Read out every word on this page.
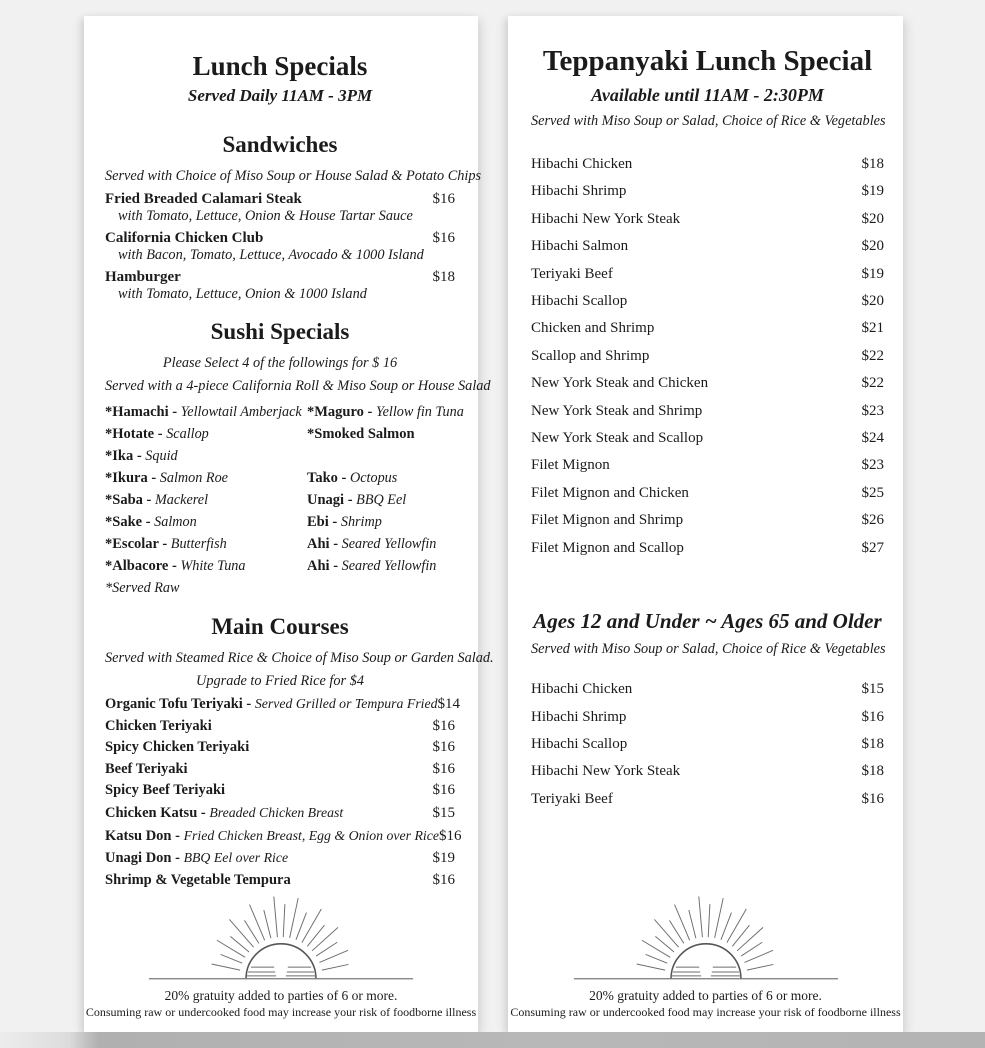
Lunch Specials
Served Daily 11AM - 3PM
Sandwiches
Served with Choice of Miso Soup or House Salad & Potato Chips
Fried Breaded Calamari Steak	$16
with Tomato, Lettuce, Onion & House Tartar Sauce
California Chicken Club	$16
with Bacon, Tomato, Lettuce, Avocado & 1000 Island
Hamburger	$18
with Tomato, Lettuce, Onion & 1000 Island
Sushi Specials
Please Select 4 of the followings for $ 16
Served with a 4-piece California Roll & Miso Soup or House Salad
*Hamachi - Yellowtail Amberjack *Maguro - Yellow fin Tuna
*Hotate - Scallop	*Smoked Salmon
*Ika - Squid
*Ikura - Salmon Roe	Tako - Octopus
*Saba - Mackerel	Unagi - BBQ Eel
*Sake - Salmon	Ebi - Shrimp
*Escolar - Butterfish	Ahi - Seared Yellowfin
*Albacore - White Tuna	Ahi - Seared Yellowfin
*Served Raw
Main Courses
Served with Steamed Rice & Choice of Miso Soup or Garden Salad.
Upgrade to Fried Rice for $4
Organic Tofu Teriyaki - Served Grilled or Tempura Fried $14
Chicken Teriyaki	$16
Spicy Chicken Teriyaki	$16
Beef Teriyaki	$16
Spicy Beef Teriyaki	$16
Chicken Katsu - Breaded Chicken Breast	$15
Katsu Don - Fried Chicken Breast, Egg & Onion over Rice $16
Unagi Don - BBQ Eel over Rice	$19
Shrimp & Vegetable Tempura	$16
20% gratuity added to parties of 6 or more.
Consuming raw or undercooked food may increase your risk of foodborne illness
Teppanyaki Lunch Special
Available until 11AM - 2:30PM
Served with Miso Soup or Salad, Choice of Rice & Vegetables
Hibachi Chicken	$18
Hibachi Shrimp	$19
Hibachi New York Steak	$20
Hibachi Salmon	$20
Teriyaki Beef	$19
Hibachi Scallop	$20
Chicken and Shrimp	$21
Scallop and Shrimp	$22
New York Steak and Chicken	$22
New York Steak and Shrimp	$23
New York Steak and Scallop	$24
Filet Mignon	$23
Filet Mignon and Chicken	$25
Filet Mignon and Shrimp	$26
Filet Mignon and Scallop	$27
Ages 12 and Under ~ Ages 65 and Older
Served with Miso Soup or Salad, Choice of Rice & Vegetables
Hibachi Chicken	$15
Hibachi Shrimp	$16
Hibachi Scallop	$18
Hibachi New York Steak	$18
Teriyaki Beef	$16
20% gratuity added to parties of 6 or more.
Consuming raw or undercooked food may increase your risk of foodborne illness
